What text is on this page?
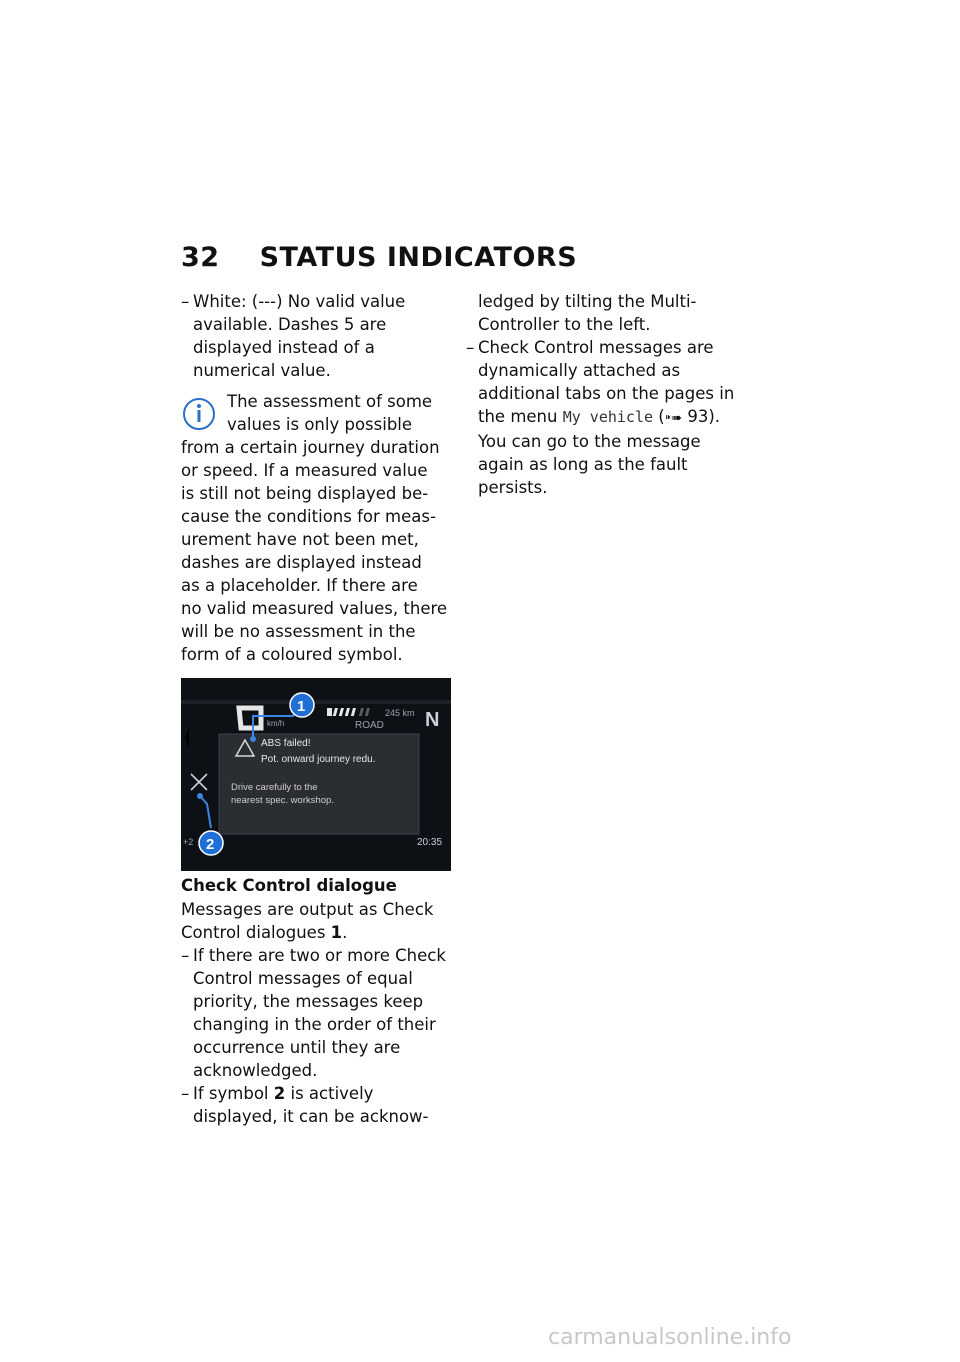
32 STATUS INDICATORS
– White: (---) No valid value available. Dashes 5 are displayed instead of a numerical value.
The assessment of some
values is only possible
from a certain journey duration
or speed. If a measured value
is still not being displayed be-
cause the conditions for meas-
urement have not been met,
dashes are displayed instead
as a placeholder. If there are
no valid measured values, there
will be no assessment in the
form of a coloured symbol.
km/h
245 km
ROAD N
ABS failed!
Pot. onward journey redu.
Drive carefully to the
nearest spec. workshop.
+2	20:35
1
2
Check Control dialogue
Messages are output as Check Control dialogues 1.
– If there are two or more Check Control messages of equal priority, the messages keep changing in the order of their occurrence until they are acknowledged.
– If symbol 2 is actively displayed, it can be acknow-
ledged by tilting the Multi-Controller to the left.
– Check Control messages are dynamically attached as additional tabs on the pages in the menu My vehicle (⁍➠ 93). You can go to the message again as long as the fault persists.
carmanualsonline.info
